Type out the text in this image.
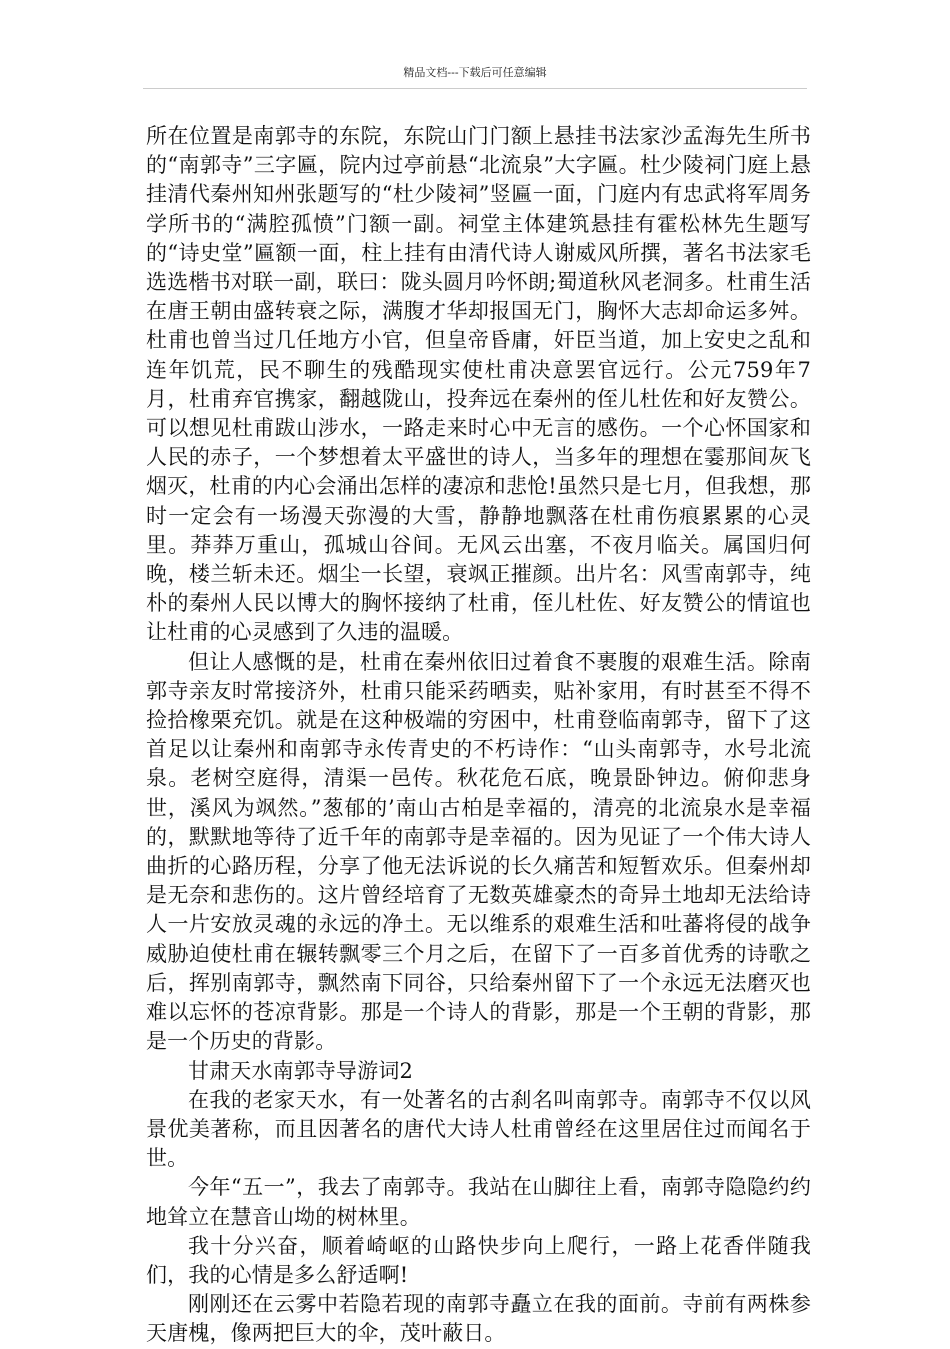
精品文档---下载后可任意编辑

所在位置是南郭寺的东院，东院山门门额上悬挂书法家沙孟海先生所书的“南郭寺”三字匾，院内过亭前悬“北流泉”大字匾。杜少陵祠门庭上悬挂清代秦州知州张题写的“杜少陵祠”竖匾一面，门庭内有忠武将军周务学所书的“满腔孤愤”门额一副。祠堂主体建筑悬挂有霍松林先生题写的“诗史堂”匾额一面，柱上挂有由清代诗人谢威风所撰，著名书法家毛选选楷书对联一副，联曰：陇头圆月吟怀朗;蜀道秋风老洞多。杜甫生活在唐王朝由盛转衰之际，满腹才华却报国无门，胸怀大志却命运多舛。杜甫也曾当过几任地方小官，但皇帝昏庸，奸臣当道，加上安史之乱和连年饥荒，民不聊生的残酷现实使杜甫决意罢官远行。公元759年7月，杜甫弃官携家，翻越陇山，投奔远在秦州的侄儿杜佐和好友赞公。可以想见杜甫跋山涉水，一路走来时心中无言的感伤。一个心怀国家和人民的赤子，一个梦想着太平盛世的诗人，当多年的理想在霎那间灰飞烟灭，杜甫的内心会涌出怎样的凄凉和悲怆!虽然只是七月，但我想，那时一定会有一场漫天弥漫的大雪，静静地飘落在杜甫伤痕累累的心灵里。莽莽万重山，孤城山谷间。无风云出塞，不夜月临关。属国归何晚，楼兰斩未还。烟尘一长望，衰飒正摧颜。出片名：风雪南郭寺，纯朴的秦州人民以博大的胸怀接纳了杜甫，侄儿杜佐、好友赞公的情谊也让杜甫的心灵感到了久违的温暖。

但让人感慨的是，杜甫在秦州依旧过着食不裹腹的艰难生活。除南郭寺亲友时常接济外，杜甫只能采药晒卖，贴补家用，有时甚至不得不捡拾橡栗充饥。就是在这种极端的穷困中，杜甫登临南郭寺，留下了这首足以让秦州和南郭寺永传青史的不朽诗作：“山头南郭寺，水号北流泉。老树空庭得，清渠一邑传。秋花危石底，晚景卧钟边。俯仰悲身世，溪风为飒然。”葱郁的’南山古柏是幸福的，清亮的北流泉水是幸福的，默默地等待了近千年的南郭寺是幸福的。因为见证了一个伟大诗人曲折的心路历程，分享了他无法诉说的长久痛苦和短暂欢乐。但秦州却是无奈和悲伤的。这片曾经培育了无数英雄豪杰的奇异土地却无法给诗人一片安放灵魂的永远的净土。无以维系的艰难生活和吐蕃将侵的战争威胁迫使杜甫在辗转飘零三个月之后，在留下了一百多首优秀的诗歌之后，挥别南郭寺，飘然南下同谷，只给秦州留下了一个永远无法磨灭也难以忘怀的苍凉背影。那是一个诗人的背影，那是一个王朝的背影，那是一个历史的背影。

甘肃天水南郭寺导游词2

在我的老家天水，有一处著名的古刹名叫南郭寺。南郭寺不仅以风景优美著称，而且因著名的唐代大诗人杜甫曾经在这里居住过而闻名于世。

今年“五一”，我去了南郭寺。我站在山脚往上看，南郭寺隐隐约约地耸立在慧音山坳的树林里。

我十分兴奋，顺着崎岖的山路快步向上爬行，一路上花香伴随我们，我的心情是多么舒适啊!

刚刚还在云雾中若隐若现的南郭寺矗立在我的面前。寺前有两株参天唐槐，像两把巨大的伞，茂叶蔽日。
